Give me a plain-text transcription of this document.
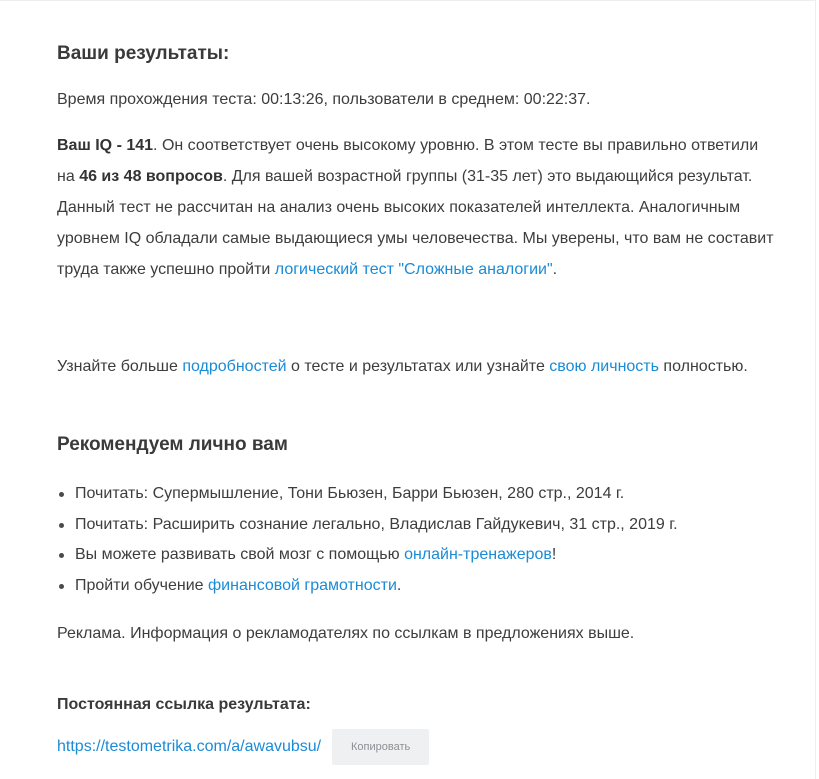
Ваши результаты:

Время прохождения теста: 00:13:26, пользователи в среднем: 00:22:37.

Ваш IQ - 141. Он соответствует очень высокому уровню. В этом тесте вы правильно ответили на 46 из 48 вопросов. Для вашей возрастной группы (31-35 лет) это выдающийся результат. Данный тест не рассчитан на анализ очень высоких показателей интеллекта. Аналогичным уровнем IQ обладали самые выдающиеся умы человечества. Мы уверены, что вам не составит труда также успешно пройти логический тест "Сложные аналогии".

Узнайте больше подробностей о тесте и результатах или узнайте свою личность полностью.

Рекомендуем лично вам
Почитать: Супермышление, Тони Бьюзен, Барри Бьюзен, 280 стр., 2014 г.
Почитать: Расширить сознание легально, Владислав Гайдукевич, 31 стр., 2019 г.
Вы можете развивать свой мозг с помощью онлайн-тренажеров!
Пройти обучение финансовой грамотности.

Реклама. Информация о рекламодателях по ссылкам в предложениях выше.

Постоянная ссылка результата:
https://testometrika.com/a/awavubsu/	Копировать
